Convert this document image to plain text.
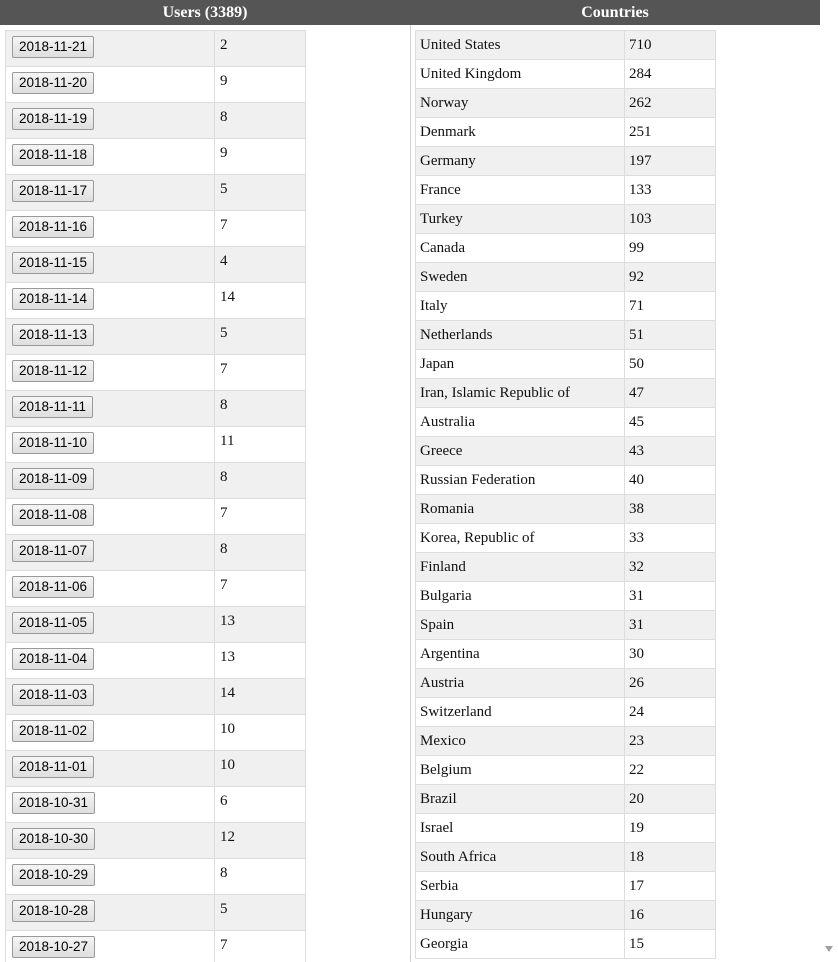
Users (3389)	Countries
2018-11-21	2
2018-11-20	9
2018-11-19	8
2018-11-18	9
2018-11-17	5
2018-11-16	7
2018-11-15	4
2018-11-14	14
2018-11-13	5
2018-11-12	7
2018-11-11	8
2018-11-10	11
2018-11-09	8
2018-11-08	7
2018-11-07	8
2018-11-06	7
2018-11-05	13
2018-11-04	13
2018-11-03	14
2018-11-02	10
2018-11-01	10
2018-10-31	6
2018-10-30	12
2018-10-29	8
2018-10-28	5
2018-10-27	7
United States	710
United Kingdom	284
Norway	262
Denmark	251
Germany	197
France	133
Turkey	103
Canada	99
Sweden	92
Italy	71
Netherlands	51
Japan	50
Iran, Islamic Republic of	47
Australia	45
Greece	43
Russian Federation	40
Romania	38
Korea, Republic of	33
Finland	32
Bulgaria	31
Spain	31
Argentina	30
Austria	26
Switzerland	24
Mexico	23
Belgium	22
Brazil	20
Israel	19
South Africa	18
Serbia	17
Hungary	16
Georgia	15
